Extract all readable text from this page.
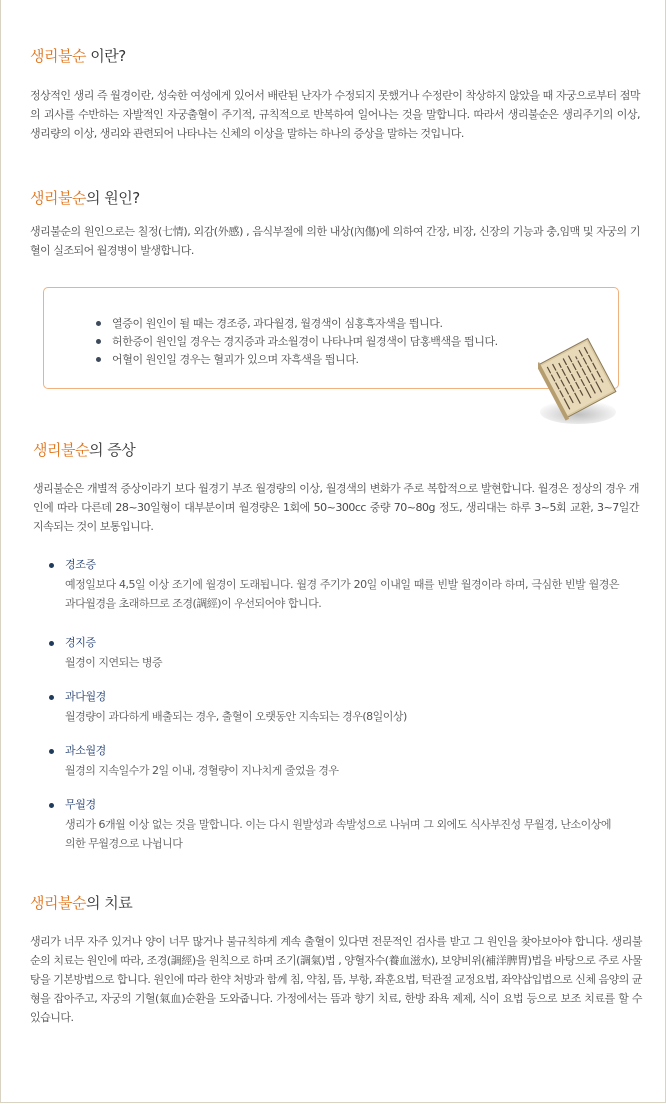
생리불순 이란?

정상적인 생리 즉 월경이란, 성숙한 여성에게 있어서 배란된 난자가 수정되지 못했거나 수정란이 착상하지 않았을 때 자궁으로부터 점막의 괴사를 수반하는 자발적인 자궁출혈이 주기적, 규칙적으로 반복하여 일어나는 것을 말합니다. 따라서 생리불순은 생리주기의 이상, 생리량의 이상, 생리와 관련되어 나타나는 신체의 이상을 말하는 하나의 증상을 말하는 것입니다.

생리불순의 원인?

생리불순의 원인으로는 칠정(七情), 외감(外感) , 음식부절에 의한 내상(內傷)에 의하여 간장, 비장, 신장의 기능과 충,임맥 및 자궁의 기혈이 실조되어 월경병이 발생합니다.

열증이 원인이 될 때는 경조증, 과다월경, 월경색이 심홍흑자색을 띕니다.
허한증이 원인일 경우는 경지증과 과소월경이 나타나며 월경색이 담홍백색을 띕니다.
어혈이 원인일 경우는 혈괴가 있으며 자흑색을 띕니다.
생리불순의 증상

생리불순은 개별적 증상이라기 보다 월경기 부조 월경량의 이상, 월경색의 변화가 주로 복합적으로 발현합니다. 월경은 정상의 경우 개인에 따라 다른데 28~30일형이 대부분이며 월경량은 1회에 50~300cc 중량 70~80g 정도, 생리대는 하루 3~5회 교환, 3~7일간 지속되는 것이 보통입니다.

경조증

예정일보다 4,5일 이상 조기에 월경이 도래됩니다. 월경 주기가 20일 이내일 때를 빈발 월경이라 하며, 극심한 빈발 월경은 과다월경을 초래하므로 조경(調經)이 우선되어야 합니다.

경지증

월경이 지연되는 병증

과다월경

월경량이 과다하게 배출되는 경우, 출혈이 오랫동안 지속되는 경우(8일이상)

과소월경

월경의 지속일수가 2일 이내, 경혈량이 지나치게 줄었을 경우

무월경

생리가 6개월 이상 없는 것을 말합니다. 이는 다시 원발성과 속발성으로 나뉘며 그 외에도 식사부진성 무월경, 난소이상에 의한 무월경으로 나뉩니다

생리불순의 치료

생리가 너무 자주 있거나 양이 너무 많거나 불규칙하게 계속 출혈이 있다면 전문적인 검사를 받고 그 원인을 찾아보아야 합니다. 생리불순의 치료는 원인에 따라, 조경(調經)을 원칙으로 하며 조기(調氣)법 , 양혈자수(養血滋水), 보양비위(補洋脾胃)법을 바탕으로 주로 사물탕을 기본방법으로 합니다. 원인에 따라 한약 처방과 함께 침, 약침, 뜸, 부항, 좌훈요법, 턱관절 교정요법, 좌약삽입법으로 신체 음양의 균형을 잡아주고, 자궁의 기혈(氣血)순환을 도와줍니다. 가정에서는 뜸과 향기 치료, 한방 좌욕 제제, 식이 요법 등으로 보조 치료를 할 수 있습니다.
